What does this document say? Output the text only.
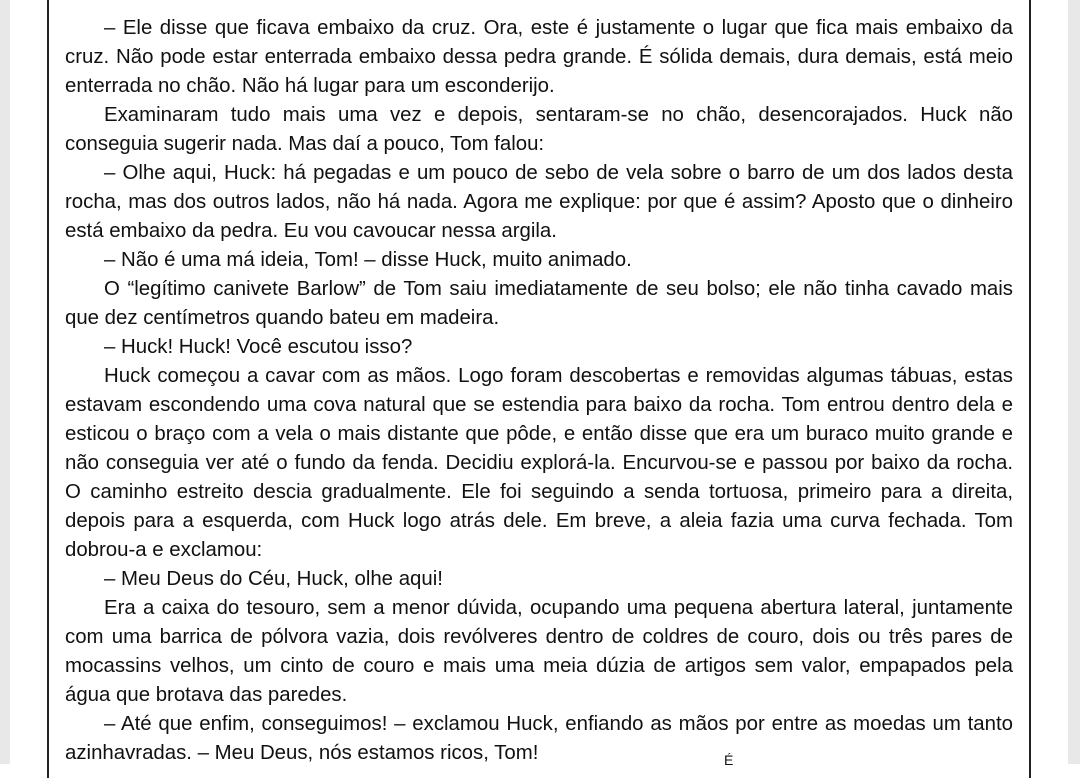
– Ele disse que ficava embaixo da cruz. Ora, este é justamente o lugar que fica mais embaixo da cruz. Não pode estar enterrada embaixo dessa pedra grande. É sólida demais, dura demais, está meio enterrada no chão. Não há lugar para um esconderijo.

Examinaram tudo mais uma vez e depois, sentaram-se no chão, desencorajados. Huck não conseguia sugerir nada. Mas daí a pouco, Tom falou:

– Olhe aqui, Huck: há pegadas e um pouco de sebo de vela sobre o barro de um dos lados desta rocha, mas dos outros lados, não há nada. Agora me explique: por que é assim? Aposto que o dinheiro está embaixo da pedra. Eu vou cavoucar nessa argila.

– Não é uma má ideia, Tom! – disse Huck, muito animado.

O “legítimo canivete Barlow” de Tom saiu imediatamente de seu bolso; ele não tinha cavado mais que dez centímetros quando bateu em madeira.

– Huck! Huck! Você escutou isso?

Huck começou a cavar com as mãos. Logo foram descobertas e removidas algumas tábuas, estas estavam escondendo uma cova natural que se estendia para baixo da rocha. Tom entrou dentro dela e esticou o braço com a vela o mais distante que pôde, e então disse que era um buraco muito grande e não conseguia ver até o fundo da fenda. Decidiu explorá-la. Encurvou-se e passou por baixo da rocha. O caminho estreito descia gradualmente. Ele foi seguindo a senda tortuosa, primeiro para a direita, depois para a esquerda, com Huck logo atrás dele. Em breve, a aleia fazia uma curva fechada. Tom dobrou-a e exclamou:

– Meu Deus do Céu, Huck, olhe aqui!

Era a caixa do tesouro, sem a menor dúvida, ocupando uma pequena abertura lateral, juntamente com uma barrica de pólvora vazia, dois revólveres dentro de coldres de couro, dois ou três pares de mocassins velhos, um cinto de couro e mais uma meia dúzia de artigos sem valor, empapados pela água que brotava das paredes.

– Até que enfim, conseguimos! – exclamou Huck, enfiando as mãos por entre as moedas um tanto azinhavradas. – Meu Deus, nós estamos ricos, Tom!	É
